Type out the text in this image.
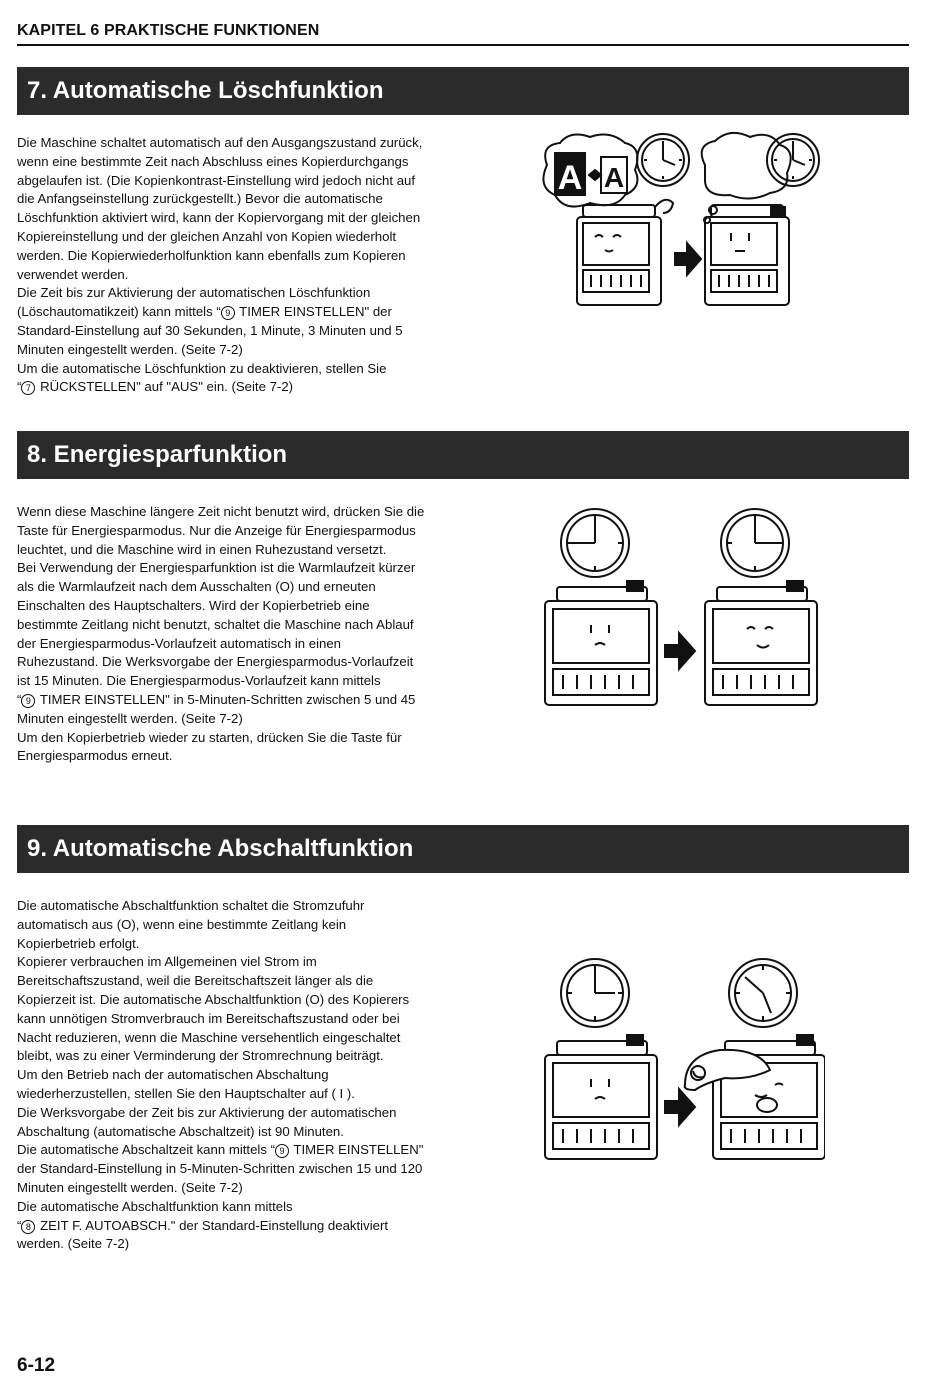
KAPITEL 6 PRAKTISCHE FUNKTIONEN
7. Automatische Löschfunktion

Die Maschine schaltet automatisch auf den Ausgangszustand zurück,

wenn eine bestimmte Zeit nach Abschluss eines Kopierdurchgangs

abgelaufen ist. (Die Kopienkontrast-Einstellung wird jedoch nicht auf

die Anfangseinstellung zurückgestellt.) Bevor die automatische

Löschfunktion aktiviert wird, kann der Kopiervorgang mit der gleichen

Kopiereinstellung und der gleichen Anzahl von Kopien wiederholt

werden. Die Kopierwiederholfunktion kann ebenfalls zum Kopieren

verwendet werden.

Die Zeit bis zur Aktivierung der automatischen Löschfunktion

(Löschautomatikzeit) kann mittels “ 9 TIMER EINSTELLEN" der

Standard-Einstellung auf 30 Sekunden, 1 Minute, 3 Minuten und 5

Minuten eingestellt werden. (Seite 7-2)

Um die automatische Löschfunktion zu deaktivieren, stellen Sie

“ 7 RÜCKSTELLEN" auf "AUS" ein. (Seite 7-2)

A A
8. Energiesparfunktion

Wenn diese Maschine längere Zeit nicht benutzt wird, drücken Sie die

Taste für Energiesparmodus. Nur die Anzeige für Energiesparmodus

leuchtet, und die Maschine wird in einen Ruhezustand versetzt.

Bei Verwendung der Energiesparfunktion ist die Warmlaufzeit kürzer

als die Warmlaufzeit nach dem Ausschalten (O) und erneuten

Einschalten des Hauptschalters. Wird der Kopierbetrieb eine

bestimmte Zeitlang nicht benutzt, schaltet die Maschine nach Ablauf

der Energiesparmodus-Vorlaufzeit automatisch in einen

Ruhezustand. Die Werksvorgabe der Energiesparmodus-Vorlaufzeit

ist 15 Minuten. Die Energiesparmodus-Vorlaufzeit kann mittels

“ 9 TIMER EINSTELLEN" in 5-Minuten-Schritten zwischen 5 und 45

Minuten eingestellt werden. (Seite 7-2)

Um den Kopierbetrieb wieder zu starten, drücken Sie die Taste für

Energiesparmodus erneut.

9. Automatische Abschaltfunktion

Die automatische Abschaltfunktion schaltet die Stromzufuhr

automatisch aus (O), wenn eine bestimmte Zeitlang kein

Kopierbetrieb erfolgt.

Kopierer verbrauchen im Allgemeinen viel Strom im

Bereitschaftszustand, weil die Bereitschaftszeit länger als die

Kopierzeit ist. Die automatische Abschaltfunktion (O) des Kopierers

kann unnötigen Stromverbrauch im Bereitschaftszustand oder bei

Nacht reduzieren, wenn die Maschine versehentlich eingeschaltet

bleibt, was zu einer Verminderung der Stromrechnung beiträgt.

Um den Betrieb nach der automatischen Abschaltung

wiederherzustellen, stellen Sie den Hauptschalter auf ( I ).

Die Werksvorgabe der Zeit bis zur Aktivierung der automatischen

Abschaltung (automatische Abschaltzeit) ist 90 Minuten.

Die automatische Abschaltzeit kann mittels “ 9 TIMER EINSTELLEN"

der Standard-Einstellung in 5-Minuten-Schritten zwischen 15 und 120

Minuten eingestellt werden. (Seite 7-2)

Die automatische Abschaltfunktion kann mittels

“ 8 ZEIT F. AUTOABSCH." der Standard-Einstellung deaktiviert

werden. (Seite 7-2)

6-12
